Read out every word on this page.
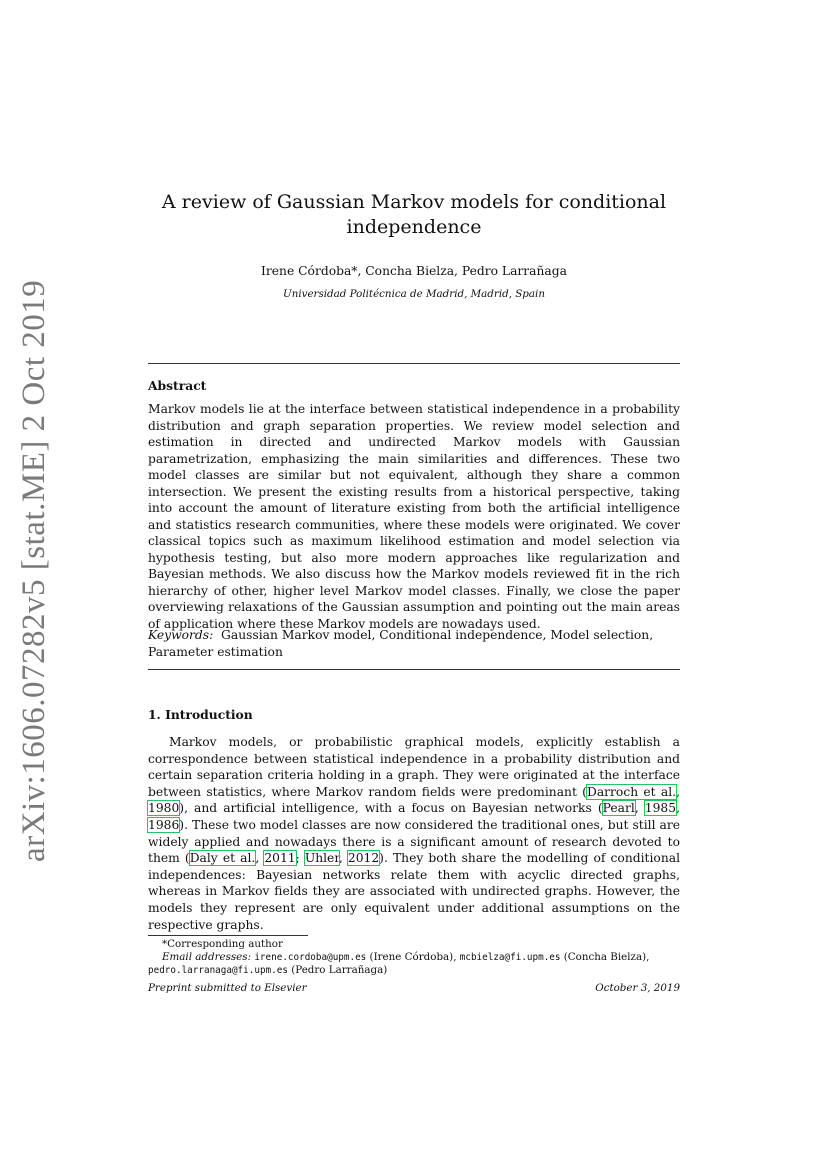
arXiv:1606.07282v5 [stat.ME] 2 Oct 2019
A review of Gaussian Markov models for conditional independence
Irene Córdoba*, Concha Bielza, Pedro Larrañaga
Universidad Politécnica de Madrid, Madrid, Spain
Abstract
Markov models lie at the interface between statistical independence in a probability distribution and graph separation properties. We review model selection and estimation in directed and undirected Markov models with Gaussian parametrization, emphasizing the main similarities and differences. These two model classes are similar but not equivalent, although they share a common intersection. We present the existing results from a historical perspective, taking into account the amount of literature existing from both the artificial intelligence and statistics research communities, where these models were originated. We cover classical topics such as maximum likelihood estimation and model selection via hypothesis testing, but also more modern approaches like regularization and Bayesian methods. We also discuss how the Markov models reviewed fit in the rich hierarchy of other, higher level Markov model classes. Finally, we close the paper overviewing relaxations of the Gaussian assumption and pointing out the main areas of application where these Markov models are nowadays used.
Keywords: Gaussian Markov model, Conditional independence, Model selection, Parameter estimation
1. Introduction
Markov models, or probabilistic graphical models, explicitly establish a correspondence between statistical independence in a probability distribution and certain separation criteria holding in a graph. They were originated at the interface between statistics, where Markov random fields were predominant (Darroch et al., 1980), and artificial intelligence, with a focus on Bayesian networks (Pearl, 1985, 1986). These two model classes are now considered the traditional ones, but still are widely applied and nowadays there is a significant amount of research devoted to them (Daly et al., 2011; Uhler, 2012). They both share the modelling of conditional independences: Bayesian networks relate them with acyclic directed graphs, whereas in Markov fields they are associated with undirected graphs. However, the models they represent are only equivalent under additional assumptions on the respective graphs.
*Corresponding author
Email addresses: irene.cordoba@upm.es (Irene Córdoba), mcbielza@fi.upm.es (Concha Bielza),
pedro.larranaga@fi.upm.es (Pedro Larrañaga)
Preprint submitted to Elsevier	October 3, 2019
